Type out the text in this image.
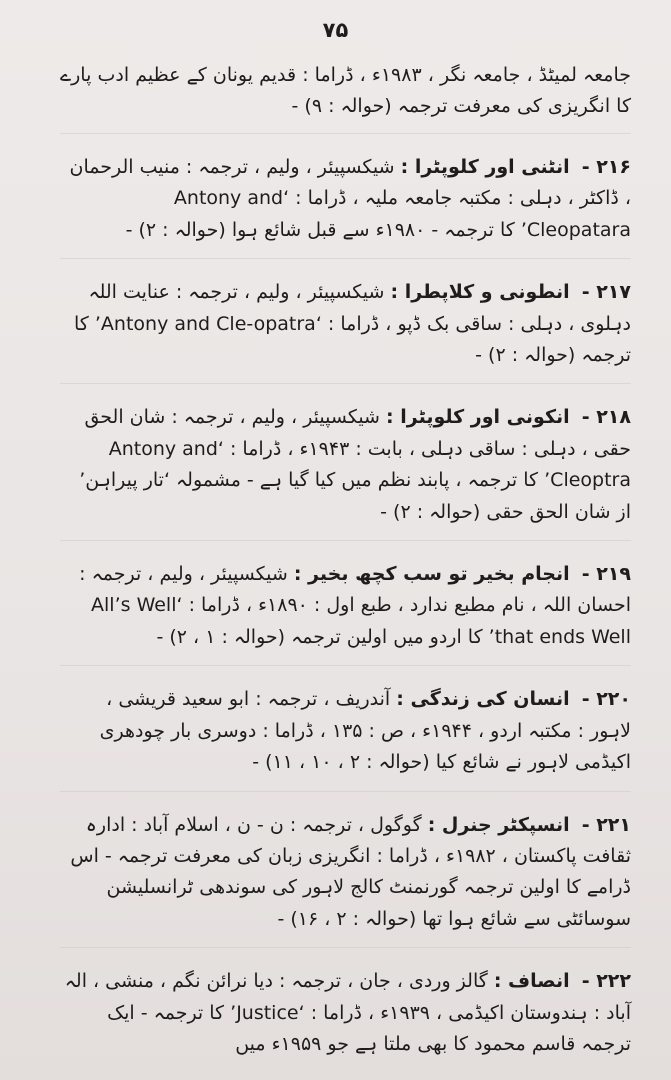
۷۵

جامعہ لمیٹڈ ، جامعہ نگر ، ۱۹۸۳ء ، ڈراما : قدیم یونان کے عظیم ادب پارے کا انگریزی کی معرفت ترجمہ (حوالہ : ۹) -

۲۱۶ - انٹنی اور کلوپٹرا : شیکسپیئر ، ولیم ، ترجمہ : منیب الرحمان ، ڈاکٹر ، دہلی : مکتبہ جامعہ ملیہ ، ڈراما : ‘Antony and Cleopatara’ کا ترجمہ - ۱۹۸۰ء سے قبل شائع ہوا (حوالہ : ۲) -
۲۱۷ - انطونی و کلاپطرا : شیکسپیئر ، ولیم ، ترجمہ : عنایت اللہ دہلوی ، دہلی : ساقی بک ڈپو ، ڈراما : ‘Antony and Cle-opatra’ کا ترجمہ (حوالہ : ۲) -
۲۱۸ - انکونی اور کلوپٹرا : شیکسپیئر ، ولیم ، ترجمہ : شان الحق حقی ، دہلی : ساقی دہلی ، بابت : ۱۹۴۳ء ، ڈراما : ‘Antony and Cleoptra’ کا ترجمہ ، پابند نظم میں کیا گیا ہے - مشمولہ ‘تار پیراہن’ از شان الحق حقی (حوالہ : ۲) -
۲۱۹ - انجام بخیر تو سب کچھ بخیر : شیکسپیئر ، ولیم ، ترجمہ : احسان اللہ ، نام مطبع ندارد ، طبع اول : ۱۸۹۰ء ، ڈراما : ‘All’s Well that ends Well’ کا اردو میں اولین ترجمہ (حوالہ : ۱ ، ۲) -
۲۲۰ - انسان کی زندگی : آندریف ، ترجمہ : ابو سعید قریشی ، لاہور : مکتبہ اردو ، ۱۹۴۴ء ، ص : ۱۳۵ ، ڈراما : دوسری بار چودھری اکیڈمی لاہور نے شائع کیا (حوالہ : ۲ ، ۱۰ ، ۱۱) -
۲۲۱ - انسپکٹر جنرل : گوگول ، ترجمہ : ن - ن ، اسلام آباد : ادارہ ثقافت پاکستان ، ۱۹۸۲ء ، ڈراما : انگریزی زبان کی معرفت ترجمہ - اس ڈرامے کا اولین ترجمہ گورنمنٹ کالج لاہور کی سوندھی ٹرانسلیشن سوسائٹی سے شائع ہوا تھا (حوالہ : ۲ ، ۱۶) -
۲۲۲ - انصاف : گالز وردی ، جان ، ترجمہ : دیا نرائن نگم ، منشی ، الہ آباد : ہندوستان اکیڈمی ، ۱۹۳۹ء ، ڈراما : ‘Justice’ کا ترجمہ - ایک ترجمہ قاسم محمود کا بھی ملتا ہے جو ۱۹۵۹ء میں
